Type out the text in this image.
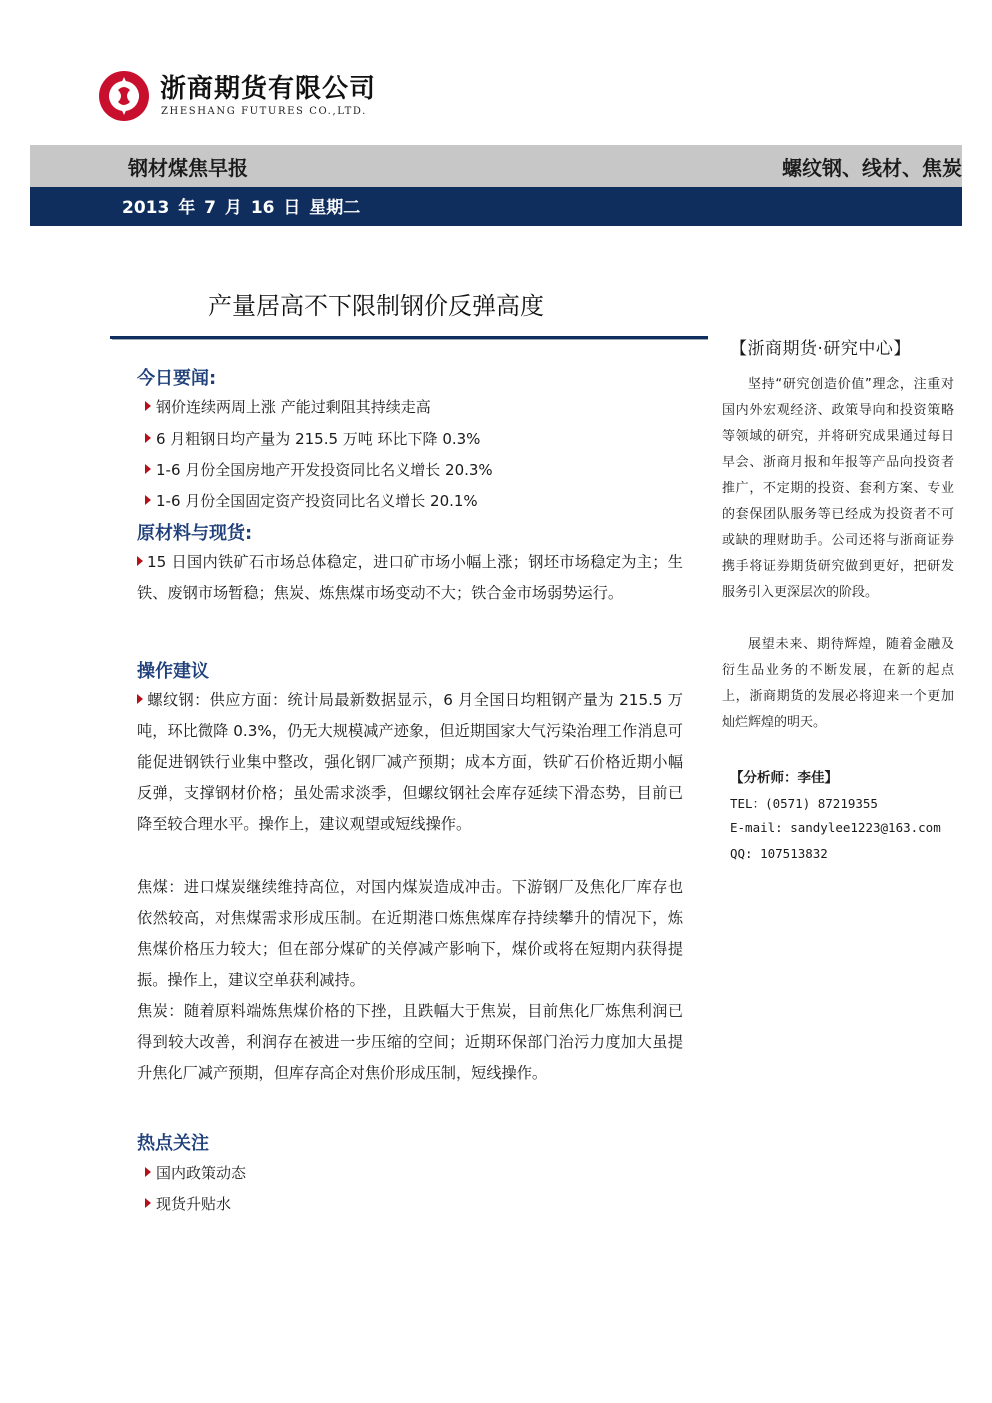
浙商期货有限公司
ZHESHANG FUTURES CO.,LTD.
钢材煤焦早报	螺纹钢、线材、焦炭
2013 年 7 月 16 日 星期二
产量居高不下限制钢价反弹高度
今日要闻:
钢价连续两周上涨 产能过剩阻其持续走高
6 月粗钢日均产量为 215.5 万吨 环比下降 0.3%
1-6 月份全国房地产开发投资同比名义增长 20.3%
1-6 月份全国固定资产投资同比名义增长 20.1%
原材料与现货:
15 日国内铁矿石市场总体稳定，进口矿市场小幅上涨；钢坯市场稳定为主；生铁、废钢市场暂稳；焦炭、炼焦煤市场变动不大；铁合金市场弱势运行。
操作建议
螺纹钢：供应方面：统计局最新数据显示，6 月全国日均粗钢产量为 215.5 万吨，环比微降 0.3%，仍无大规模减产迹象，但近期国家大气污染治理工作消息可能促进钢铁行业集中整改，强化钢厂减产预期；成本方面，铁矿石价格近期小幅反弹，支撑钢材价格；虽处需求淡季，但螺纹钢社会库存延续下滑态势，目前已降至较合理水平。操作上，建议观望或短线操作。
焦煤：进口煤炭继续维持高位，对国内煤炭造成冲击。下游钢厂及焦化厂库存也依然较高，对焦煤需求形成压制。在近期港口炼焦煤库存持续攀升的情况下，炼焦煤价格压力较大；但在部分煤矿的关停减产影响下，煤价或将在短期内获得提振。操作上，建议空单获利减持。
焦炭：随着原料端炼焦煤价格的下挫，且跌幅大于焦炭，目前焦化厂炼焦利润已得到较大改善，利润存在被进一步压缩的空间；近期环保部门治污力度加大虽提升焦化厂减产预期，但库存高企对焦价形成压制，短线操作。
热点关注
国内政策动态
现货升贴水
【浙商期货·研究中心】
坚持“研究创造价值”理念，注重对国内外宏观经济、政策导向和投资策略等领域的研究，并将研究成果通过每日早会、浙商月报和年报等产品向投资者推广，不定期的投资、套利方案、专业的套保团队服务等已经成为投资者不可或缺的理财助手。公司还将与浙商证券携手将证券期货研究做到更好，把研发服务引入更深层次的阶段。
展望未来、期待辉煌，随着金融及衍生品业务的不断发展，在新的起点上，浙商期货的发展必将迎来一个更加灿烂辉煌的明天。
【分析师：李佳】
TEL：(0571) 87219355
E-mail: sandylee1223@163.com
QQ: 107513832
